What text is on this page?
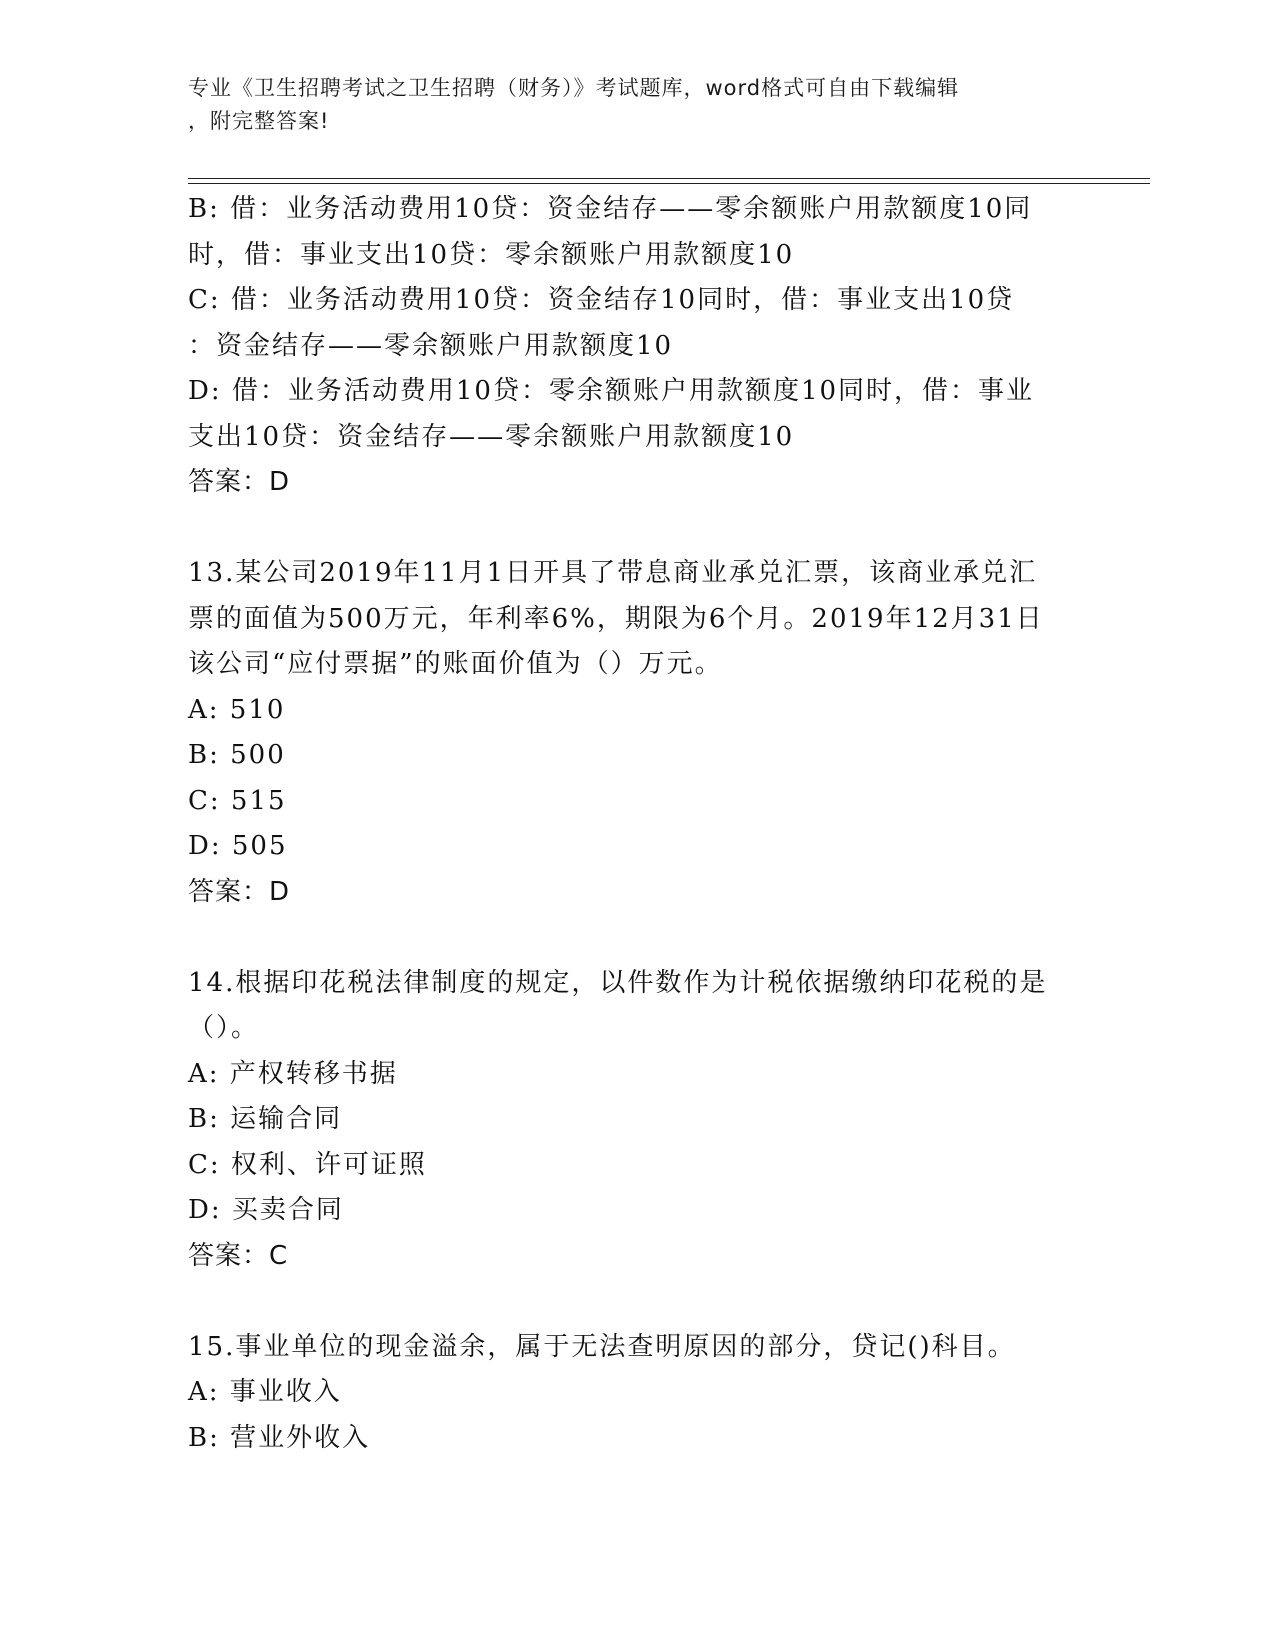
专业《卫生招聘考试之卫生招聘（财务）》考试题库，word格式可自由下载编辑
，附完整答案!
B: 借：业务活动费用10贷：资金结存——零余额账户用款额度10同
时，借：事业支出10贷：零余额账户用款额度10
C: 借：业务活动费用10贷：资金结存10同时，借：事业支出10贷
：资金结存——零余额账户用款额度10
D: 借：业务活动费用10贷：零余额账户用款额度10同时，借：事业
支出10贷：资金结存——零余额账户用款额度10
答案：D
13.某公司2019年11月1日开具了带息商业承兑汇票，该商业承兑汇
票的面值为500万元，年利率6%，期限为6个月。2019年12月31日
该公司“应付票据”的账面价值为（）万元。
A: 510
B: 500
C: 515
D: 505
答案：D
14.根据印花税法律制度的规定，以件数作为计税依据缴纳印花税的是
（）。
A: 产权转移书据
B: 运输合同
C: 权利、许可证照
D: 买卖合同
答案：C
15.事业单位的现金溢余，属于无法查明原因的部分，贷记()科目。
A: 事业收入
B: 营业外收入
